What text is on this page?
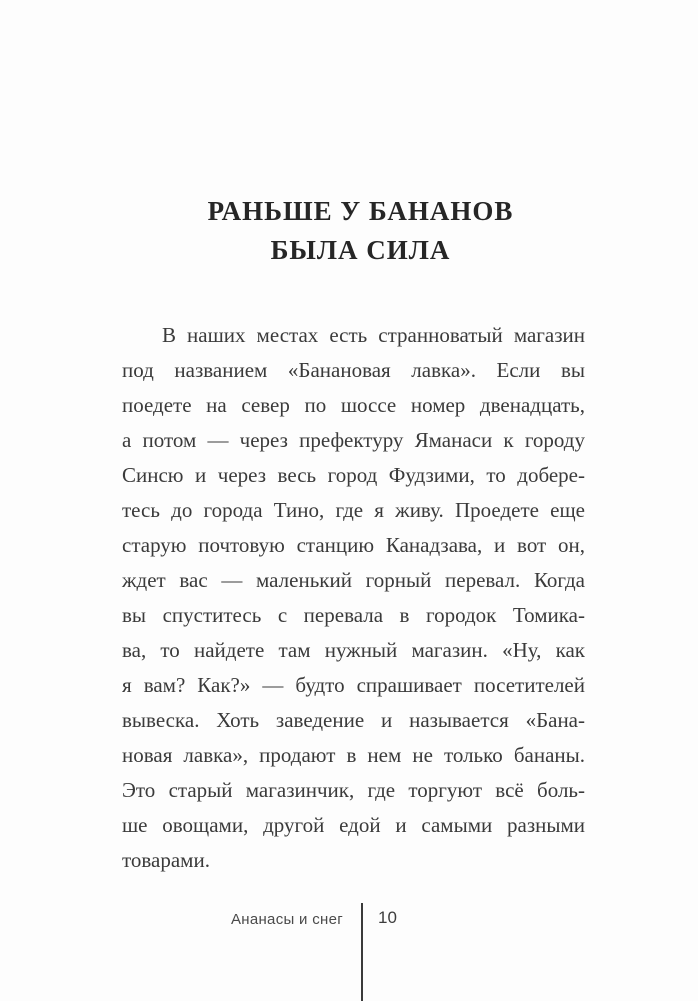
РАНЬШЕ У БАНАНОВ
БЫЛА СИЛА
В наших местах есть странноватый магазин
под названием «Банановая лавка». Если вы
поедете на север по шоссе номер двенадцать,
а потом — через префектуру Яманаси к городу
Синсю и через весь город Фудзими, то добере-
тесь до города Тино, где я живу. Проедете еще
старую почтовую станцию Канадзава, и вот он,
ждет вас — маленький горный перевал. Когда
вы спуститесь с перевала в городок Томика-
ва, то найдете там нужный магазин. «Ну, как
я вам? Как?» — будто спрашивает посетителей
вывеска. Хоть заведение и называется «Бана-
новая лавка», продают в нем не только бананы.
Это старый магазинчик, где торгуют всё боль-
ше овощами, другой едой и самыми разными
товарами.
Ананасы и снег 10
